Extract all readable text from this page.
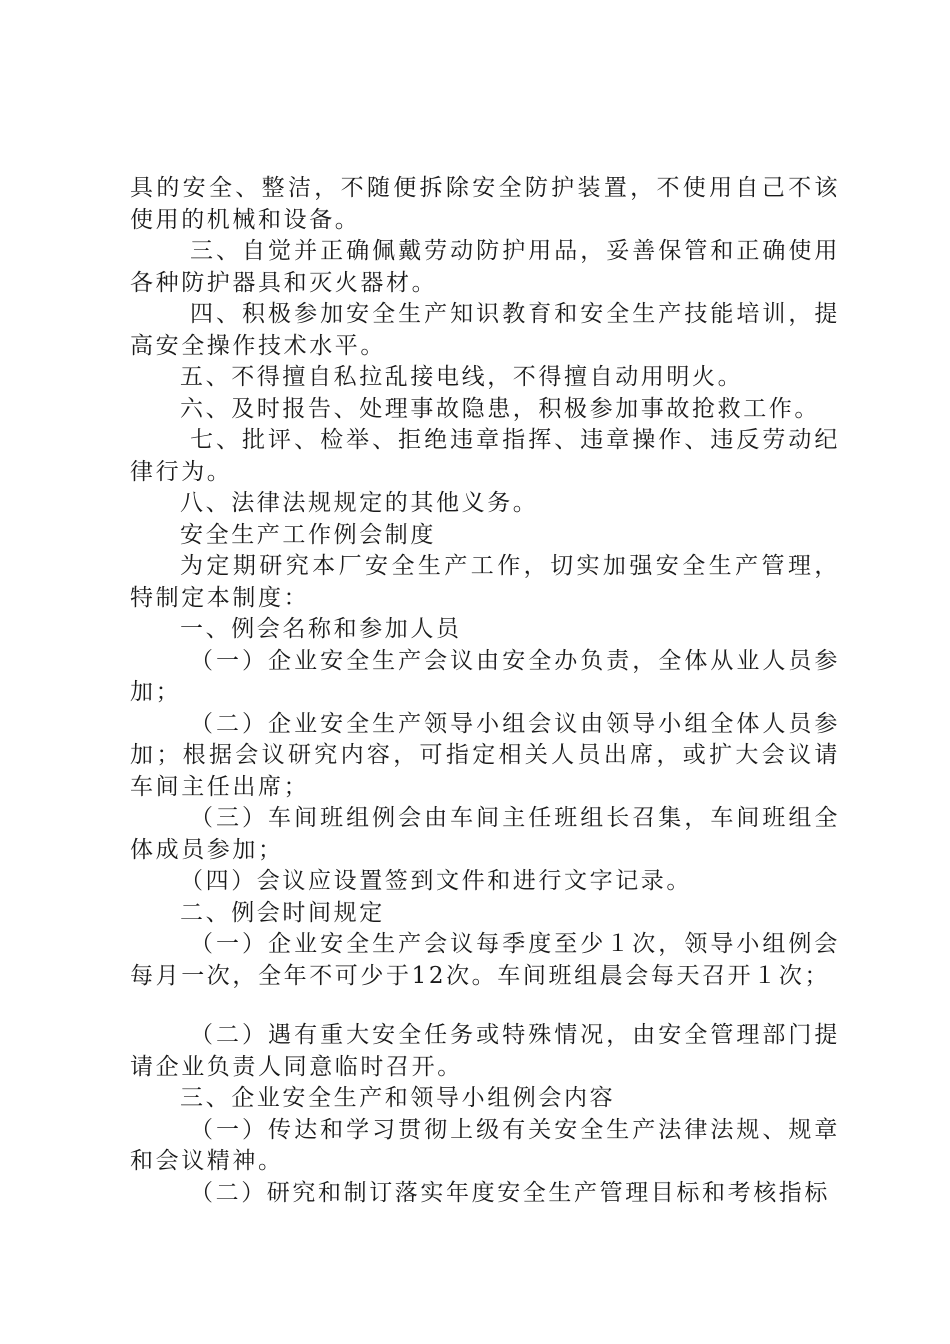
具的安全、整洁，不随便拆除安全防护装置，不使用自己不该使用的机械和设备。

三、自觉并正确佩戴劳动防护用品，妥善保管和正确使用各种防护器具和灭火器材。

四、积极参加安全生产知识教育和安全生产技能培训，提高安全操作技术水平。

五、不得擅自私拉乱接电线，不得擅自动用明火。

六、及时报告、处理事故隐患，积极参加事故抢救工作。

七、批评、检举、拒绝违章指挥、违章操作、违反劳动纪律行为。

八、法律法规规定的其他义务。

安全生产工作例会制度

为定期研究本厂安全生产工作，切实加强安全生产管理，特制定本制度：

一、例会名称和参加人员

（一）企业安全生产会议由安全办负责，全体从业人员参加；

（二）企业安全生产领导小组会议由领导小组全体人员参加；根据会议研究内容，可指定相关人员出席，或扩大会议请车间主任出席；

（三）车间班组例会由车间主任班组长召集，车间班组全体成员参加；

（四）会议应设置签到文件和进行文字记录。

二、例会时间规定

（一）企业安全生产会议每季度至少１次，领导小组例会每月一次，全年不可少于12次。车间班组晨会每天召开１次；

（二）遇有重大安全任务或特殊情况，由安全管理部门提请企业负责人同意临时召开。

三、企业安全生产和领导小组例会内容

（一）传达和学习贯彻上级有关安全生产法律法规、规章和会议精神。

（二）研究和制订落实年度安全生产管理目标和考核指标
